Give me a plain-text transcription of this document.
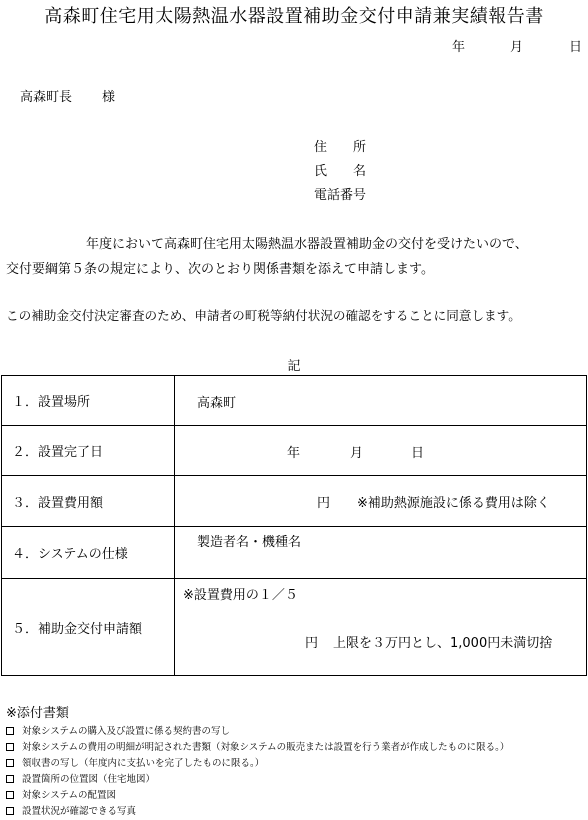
高森町住宅用太陽熱温水器設置補助金交付申請兼実績報告書
年	月	日
高森町長 様
住　　所
氏　　名
電話番号
年度において高森町住宅用太陽熱温水器設置補助金の交付を受けたいので、
交付要綱第５条の規定により、次のとおり関係書類を添えて申請します。
この補助金交付決定審査のため、申請者の町税等納付状況の確認をすることに同意します。
記
１．設置場所	高森町

２．設置完了日	年 月 日

３．設置費用額	円 ※補助熱源施設に係る費用は除く

４．システムの仕様	製造者名・機種名

５．補助金交付申請額	※設置費用の１／５
円 上限を３万円とし、1,000円未満切捨
※添付書類
対象システムの購入及び設置に係る契約書の写し
対象システムの費用の明細が明記された書類（対象システムの販売または設置を行う業者が作成したものに限る。）
領収書の写し（年度内に支払いを完了したものに限る。）
設置箇所の位置図（住宅地図）
対象システムの配置図
設置状況が確認できる写真
